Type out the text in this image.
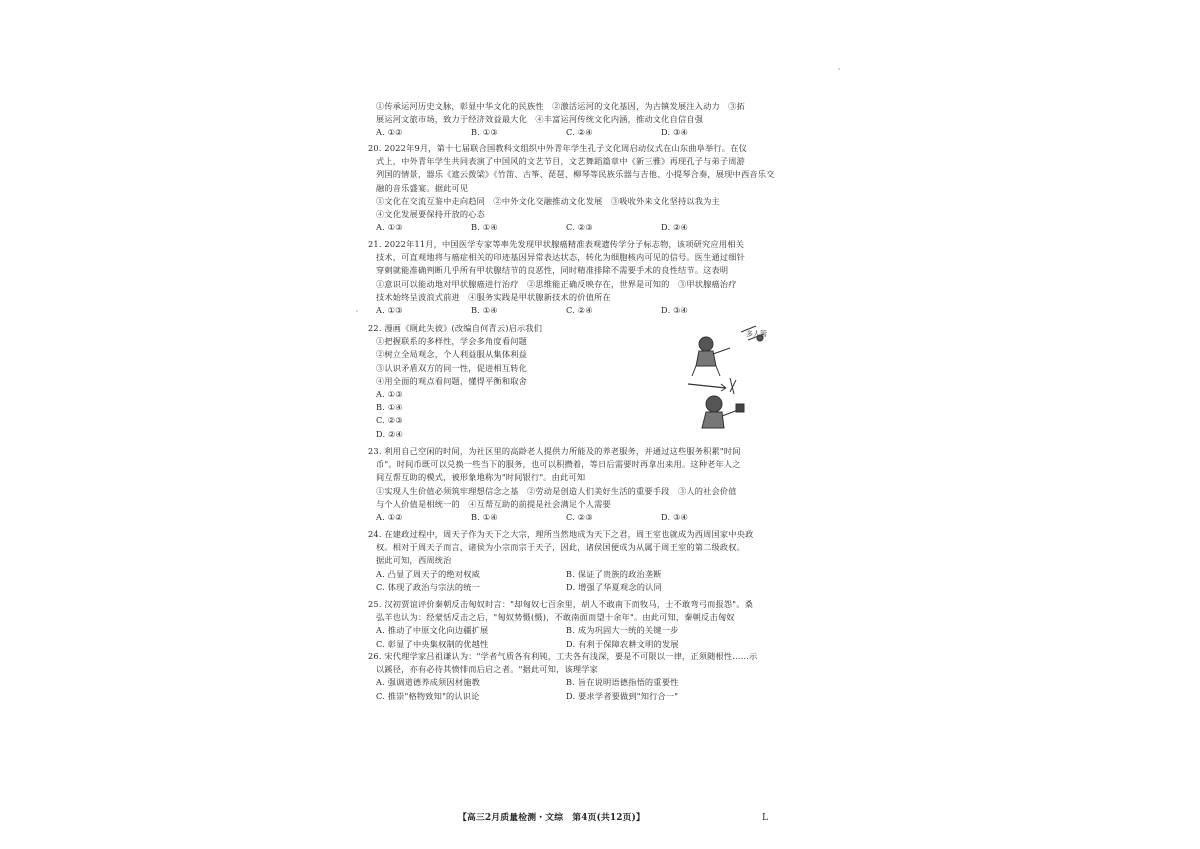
①传承运河历史文脉，彰显中华文化的民族性　②激活运河的文化基因，为古镇发展注入动力　③拓
展运河文旅市场，致力于经济效益最大化　④丰富运河传统文化内涵，推动文化自信自强
A. ①②	B. ①③	C. ②④	D. ③④
20. 2022年9月，第十七届联合国教科文组织中外青年学生孔子文化周启动仪式在山东曲阜举行。在仪
式上，中外青年学生共同表演了中国风的文艺节目，文艺舞蹈篇章中《新三雅》再现孔子与弟子周游
列国的情景，器乐《遮云拨梁》《竹笛、古筝、琵琶、柳琴等民族乐器与吉他、小提琴合奏，展现中西音乐交
融的音乐盛宴。据此可见
①文化在交流互鉴中走向趋同　②中外文化交融推动文化发展　③吸收外来文化坚持以我为主
④文化发展要保持开放的心态
A. ①③	B. ①④	C. ②③	D. ②④
21. 2022年11月，中国医学专家等率先发现甲状腺癌精准表观遗传学分子标志物，该项研究应用相关
技术，可直观地将与癌症相关的印迹基因异常表达状态，转化为细胞核内可见的信号。医生通过细针
穿刺就能准确判断几乎所有甲状腺结节的良恶性，同时精准排除不需要手术的良性结节。这表明
①意识可以能动地对甲状腺癌进行治疗　②思维能正确反映存在，世界是可知的　③甲状腺癌治疗
技术始终呈波浪式前进　④服务实践是甲状腺新技术的价值所在
A. ①③	B. ①④	C. ②④	D. ③④
22. 漫画《厕此失彼》(改编自何青云)启示我们
①把握联系的多样性，学会多角度看问题
②树立全局观念，个人利益服从集体利益
③认识矛盾双方的同一性，促进相互转化
④用全面的观点看问题，懂得平衡和取舍
A. ①③
B. ①④
C. ②③
D. ②④
23. 利用自己空闲的时间，为社区里的高龄老人提供力所能及的养老服务，并通过这些服务积累"时间
币"。时间币既可以兑换一些当下的服务，也可以积攒着，等日后需要时再拿出来用。这种老年人之
间互帮互助的模式，被形象地称为"时间银行"。由此可知
①实现人生价值必须筑牢理想信念之基　②劳动是创造人们美好生活的重要手段　③人的社会价值
与个人价值是相统一的　④互帮互助的前提是社会满足个人需要
A. ①②	B. ①④	C. ②③	D. ③④
24. 在建政过程中，周天子作为天下之大宗，理所当然地成为天下之君，周王室也就成为西周国家中央政
权。相对于周天子而言，诸侯为小宗而宗于天子，因此，诸侯国便成为从属于周王室的第二级政权。
据此可知，西周统治
A. 凸显了周天子的绝对权威	B. 保证了贵族的政治垄断
C. 体现了政治与宗法的统一	D. 增强了华夏观念的认同
25. 汉初贾谊评价秦朝反击匈奴时言："却匈奴七百余里，胡人不敢南下而牧马，士不敢弯弓而报怨"。桑
弘羊也认为：经蒙恬反击之后，"匈奴势慑(慑)，不敢南面而望十余年"。由此可知，秦朝反击匈奴
A. 推动了中原文化向边疆扩展	B. 成为巩固大一统的关键一步
C. 彰显了中央集权制的优越性	D. 有利于保障农耕文明的发展
26. 宋代理学家吕祖谦认为："学者气质各有利钝，工夫各有浅深，要是不可限以一律，正须随根性……示
以蹊径，亦有必待其愤悱而后启之者。"据此可知，该理学家
A. 强调道德养成须因材施教	B. 旨在说明语德指悟的重要性
C. 推崇"格物致知"的认识论	D. 要求学者要做到"知行合一"
【高三2月质量检测・文综　第4页(共12页)】	L
多人管
